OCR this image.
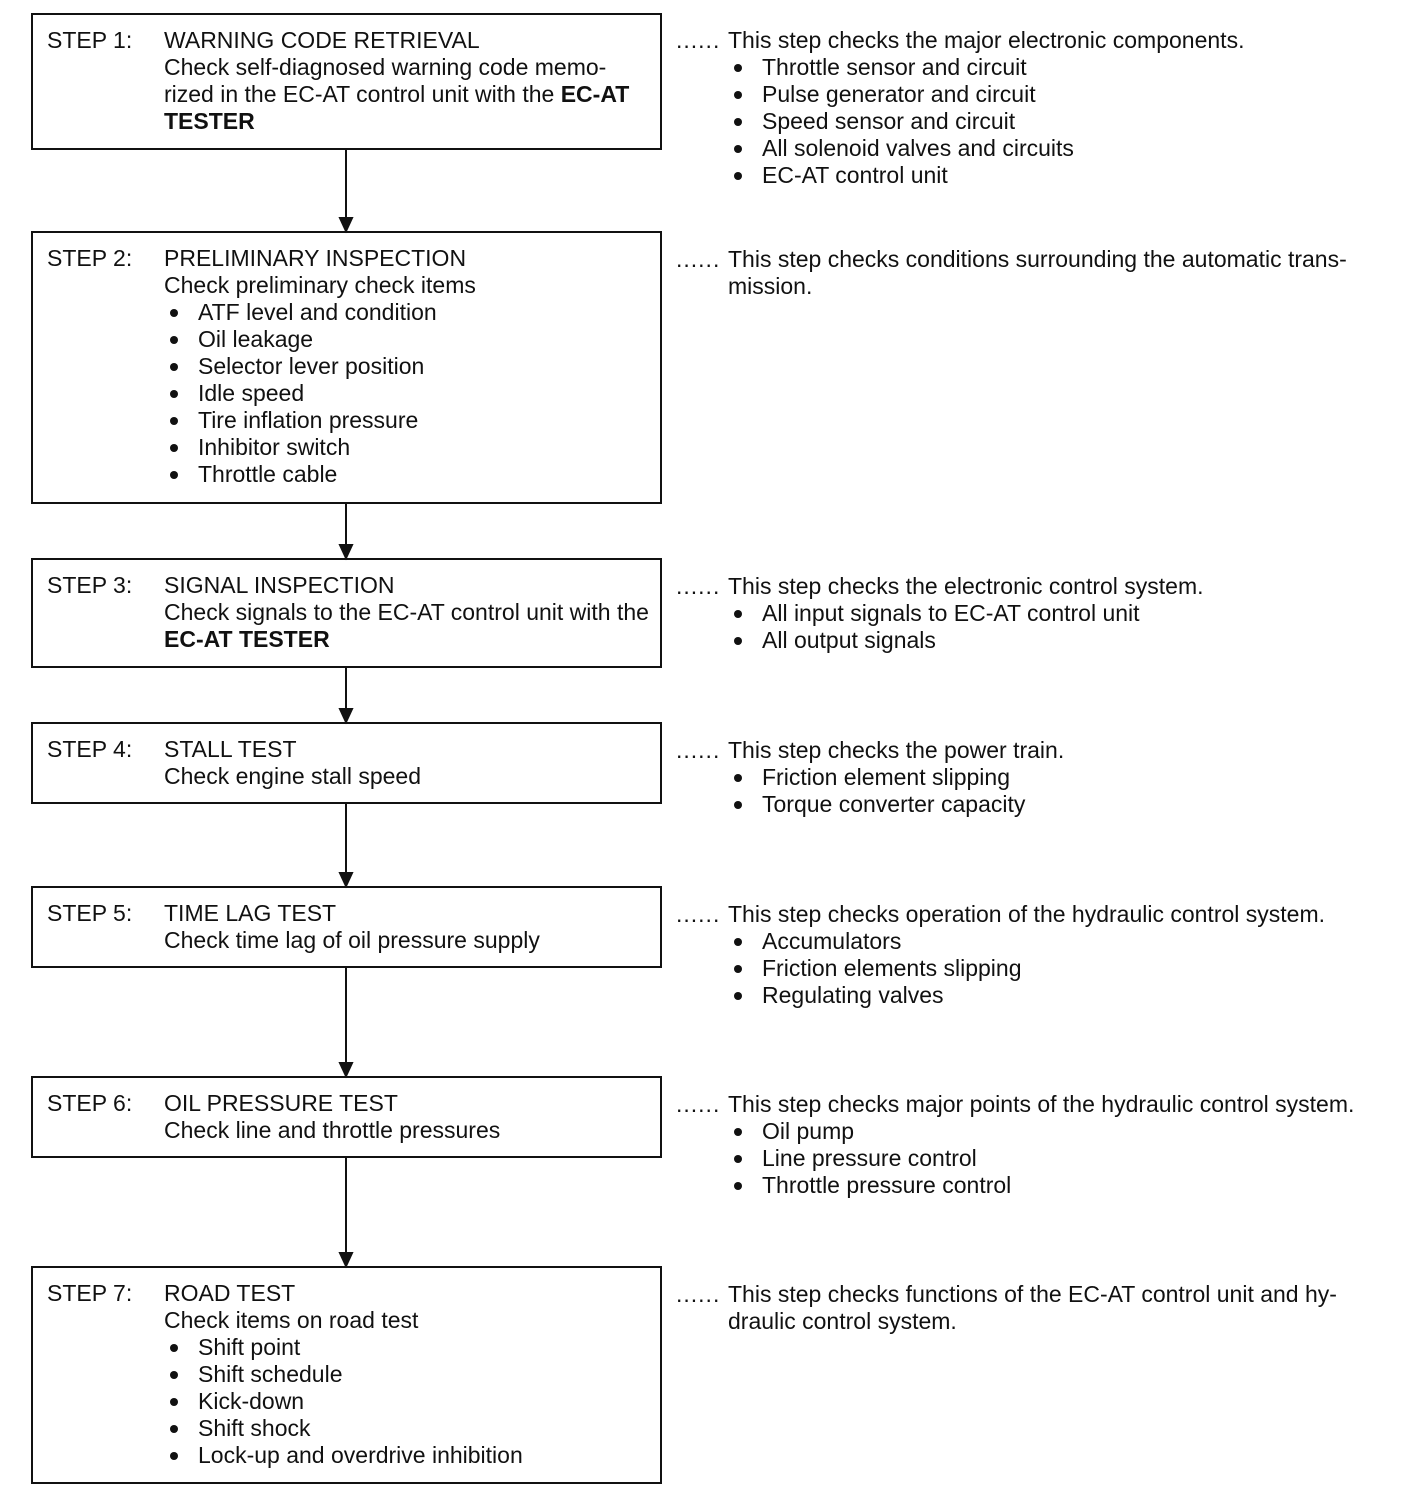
STEP 1: WARNING CODE RETRIEVAL
Check self-diagnosed warning code memo-rized in the EC-AT control unit with the EC-AT TESTER
...... This step checks the major electronic components.
Throttle sensor and circuit
Pulse generator and circuit
Speed sensor and circuit
All solenoid valves and circuits
EC-AT control unit
STEP 2: PRELIMINARY INSPECTION
Check preliminary check items
ATF level and condition
Oil leakage
Selector lever position
Idle speed
Tire inflation pressure
Inhibitor switch
Throttle cable
...... This step checks conditions surrounding the automatic trans-mission.
STEP 3: SIGNAL INSPECTION
Check signals to the EC-AT control unit with the EC-AT TESTER
...... This step checks the electronic control system.
All input signals to EC-AT control unit
All output signals
STEP 4: STALL TEST
Check engine stall speed
...... This step checks the power train.
Friction element slipping
Torque converter capacity
STEP 5: TIME LAG TEST
Check time lag of oil pressure supply
...... This step checks operation of the hydraulic control system.
Accumulators
Friction elements slipping
Regulating valves
STEP 6: OIL PRESSURE TEST
Check line and throttle pressures
...... This step checks major points of the hydraulic control system.
Oil pump
Line pressure control
Throttle pressure control
STEP 7: ROAD TEST
Check items on road test
Shift point
Shift schedule
Kick-down
Shift shock
Lock-up and overdrive inhibition
...... This step checks functions of the EC-AT control unit and hy-draulic control system.
